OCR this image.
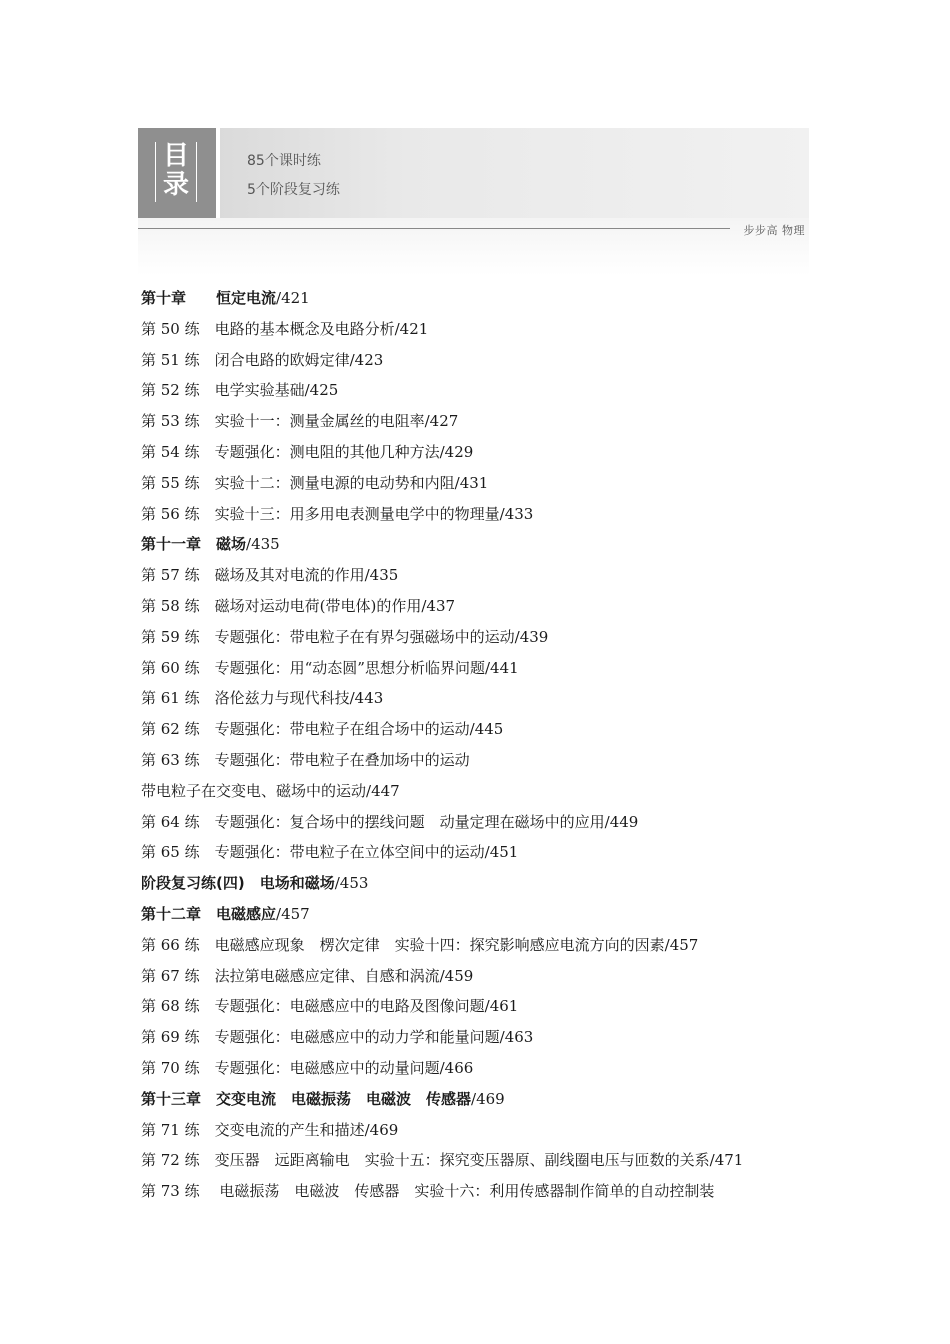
目
录
85个课时练
5个阶段复习练
步步高 物理
第十章　　恒定电流/421
第 50 练　电路的基本概念及电路分析/421
第 51 练　闭合电路的欧姆定律/423
第 52 练　电学实验基础/425
第 53 练　实验十一：测量金属丝的电阻率/427
第 54 练　专题强化：测电阻的其他几种方法/429
第 55 练　实验十二：测量电源的电动势和内阻/431
第 56 练　实验十三：用多用电表测量电学中的物理量/433
第十一章　磁场/435
第 57 练　磁场及其对电流的作用/435
第 58 练　磁场对运动电荷(带电体)的作用/437
第 59 练　专题强化：带电粒子在有界匀强磁场中的运动/439
第 60 练　专题强化：用“动态圆”思想分析临界问题/441
第 61 练　洛伦兹力与现代科技/443
第 62 练　专题强化：带电粒子在组合场中的运动/445
第 63 练　专题强化：带电粒子在叠加场中的运动
带电粒子在交变电、磁场中的运动/447
第 64 练　专题强化：复合场中的摆线问题　动量定理在磁场中的应用/449
第 65 练　专题强化：带电粒子在立体空间中的运动/451
阶段复习练(四)　电场和磁场/453
第十二章　电磁感应/457
第 66 练　电磁感应现象　楞次定律　实验十四：探究影响感应电流方向的因素/457
第 67 练　法拉第电磁感应定律、自感和涡流/459
第 68 练　专题强化：电磁感应中的电路及图像问题/461
第 69 练　专题强化：电磁感应中的动力学和能量问题/463
第 70 练　专题强化：电磁感应中的动量问题/466
第十三章　交变电流　电磁振荡　电磁波　传感器/469
第 71 练　交变电流的产生和描述/469
第 72 练　变压器　远距离输电　实验十五：探究变压器原、副线圈电压与匝数的关系/471
第 73 练　 电磁振荡　电磁波　传感器　实验十六：利用传感器制作简单的自动控制装
